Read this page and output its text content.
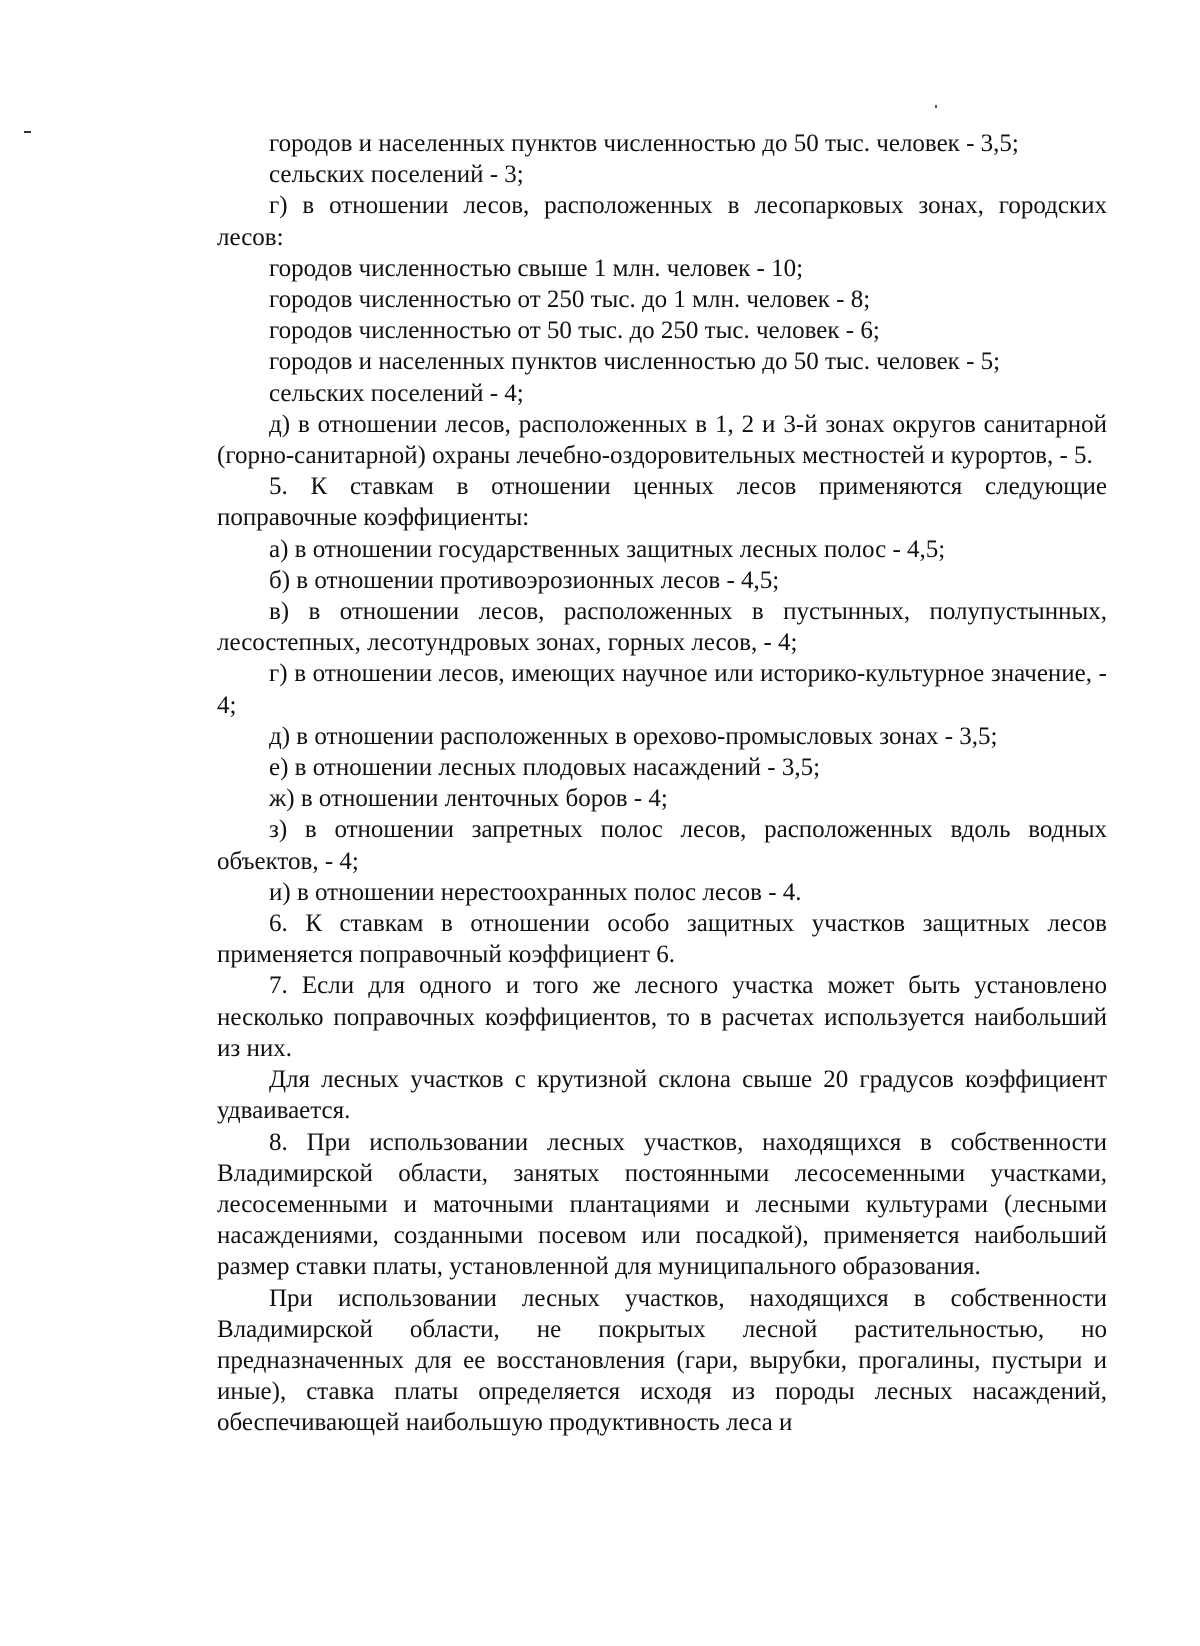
городов и населенных пунктов численностью до 50 тыс. человек - 3,5;

сельских поселений - 3;

г) в отношении лесов, расположенных в лесопарковых зонах, городских лесов:

городов численностью свыше 1 млн. человек - 10;

городов численностью от 250 тыс. до 1 млн. человек - 8;

городов численностью от 50 тыс. до 250 тыс. человек - 6;

городов и населенных пунктов численностью до 50 тыс. человек - 5;

сельских поселений - 4;

д) в отношении лесов, расположенных в 1, 2 и 3-й зонах округов санитарной (горно-санитарной) охраны лечебно-оздоровительных местностей и курортов, - 5.

5. К ставкам в отношении ценных лесов применяются следующие поправочные коэффициенты:

а) в отношении государственных защитных лесных полос - 4,5;

б) в отношении противоэрозионных лесов - 4,5;

в) в отношении лесов, расположенных в пустынных, полупустынных, лесостепных, лесотундровых зонах, горных лесов, - 4;

г) в отношении лесов, имеющих научное или историко-культурное значение, - 4;

д) в отношении расположенных в орехово-промысловых зонах - 3,5;

е) в отношении лесных плодовых насаждений - 3,5;

ж) в отношении ленточных боров - 4;

з) в отношении запретных полос лесов, расположенных вдоль водных объектов, - 4;

и) в отношении нерестоохранных полос лесов - 4.

6. К ставкам в отношении особо защитных участков защитных лесов применяется поправочный коэффициент 6.

7. Если для одного и того же лесного участка может быть установлено несколько поправочных коэффициентов, то в расчетах используется наибольший из них.

Для лесных участков с крутизной склона свыше 20 градусов коэффициент удваивается.

8. При использовании лесных участков, находящихся в собственности Владимирской области, занятых постоянными лесосеменными участками, лесосеменными и маточными плантациями и лесными культурами (лесными насаждениями, созданными посевом или посадкой), применяется наибольший размер ставки платы, установленной для муниципального образования.

При использовании лесных участков, находящихся в собственности Владимирской области, не покрытых лесной растительностью, но предназначенных для ее восстановления (гари, вырубки, прогалины, пустыри и иные), ставка платы определяется исходя из породы лесных насаждений, обеспечивающей наибольшую продуктивность леса и
